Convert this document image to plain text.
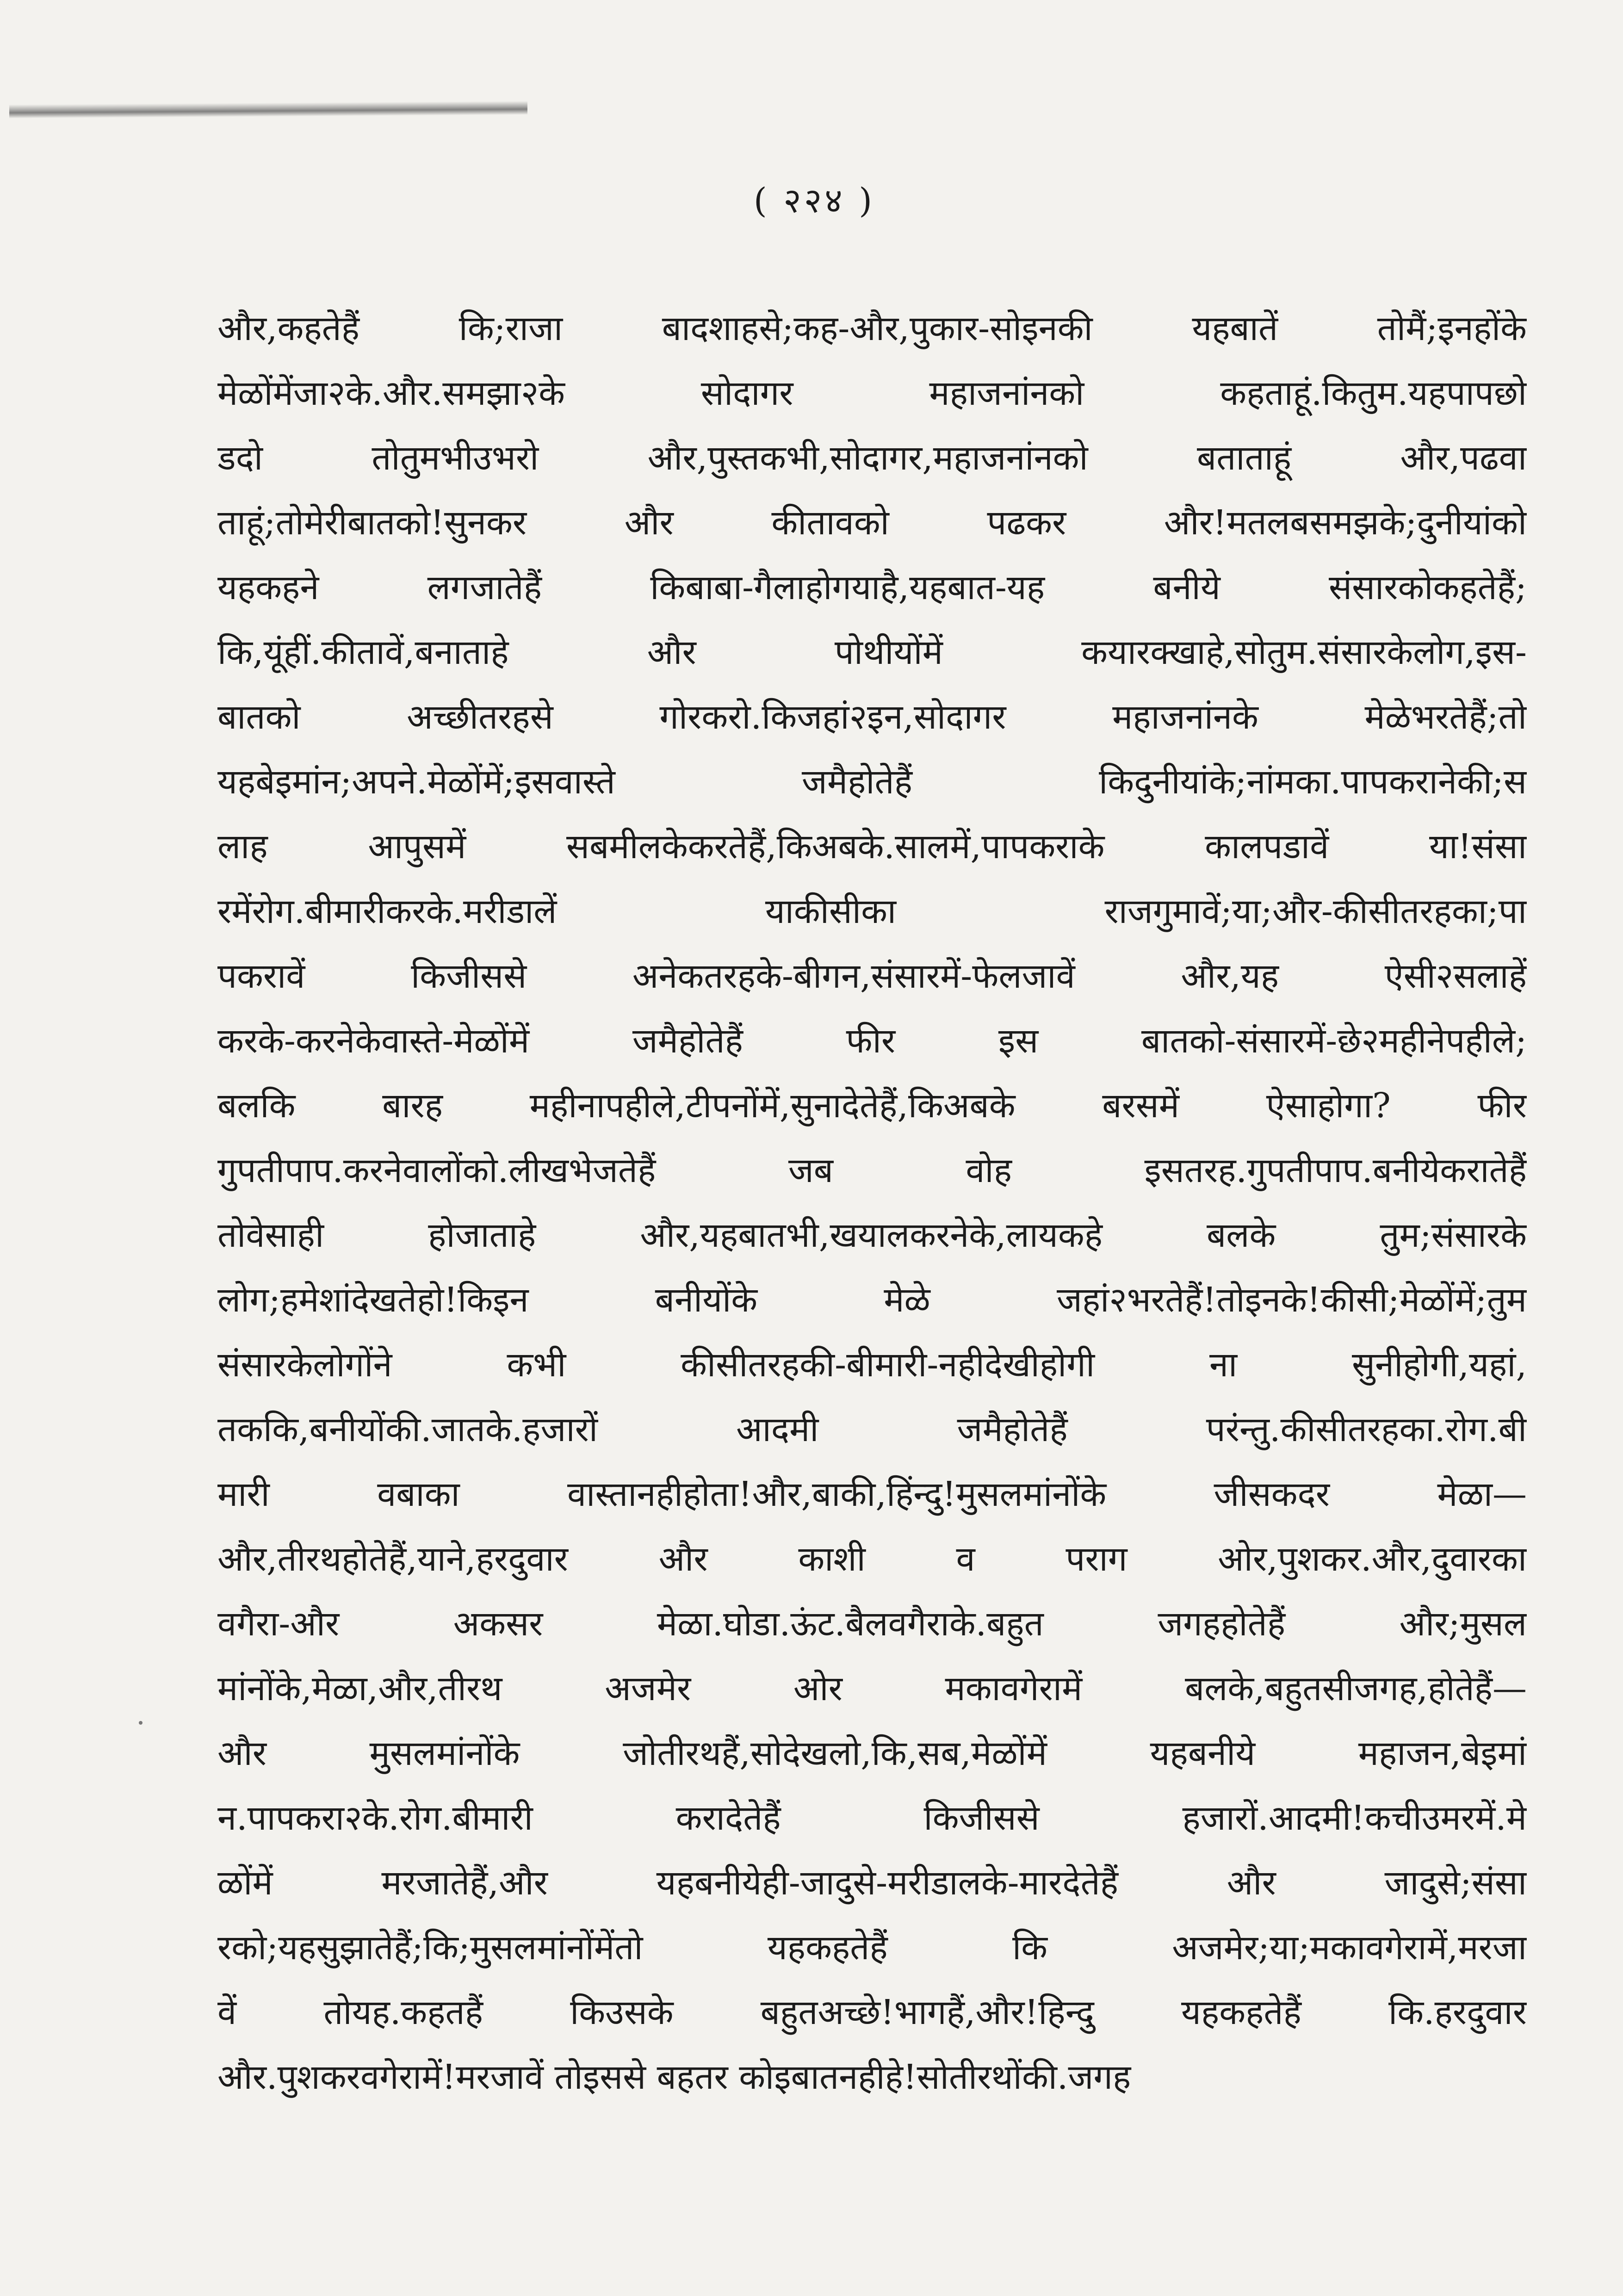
( २२४ )
और,कहतेहैं कि;राजा बादशाहसे;कह-और,पुकार-सोइनकी यहबातें तोमैं;इनहोंके
मेळोंमेंजा२के.और.समझा२के सोदागर महाजनांनको कहताहूं.कितुम.यहपापछो
डदो तोतुमभीउभरो और,पुस्तकभी,सोदागर,महाजनांनको बताताहूं और,पढवा
ताहूं;तोमेरीबातको!सुनकर और कीतावको पढकर और!मतलबसमझके;दुनीयांको
यहकहने लगजातेहैं किबाबा-गैलाहोगयाहै,यहबात-यह बनीये संसारकोकहतेहैं;
कि,यूंहीं.कीतावें,बनाताहे और पोथीयोंमें कयारक्खाहे,सोतुम.संसारकेलोग,इस-
बातको अच्छीतरहसे गोरकरो.किजहां२इन,सोदागर महाजनांनके मेळेभरतेहैं;तो
यहबेइमांन;अपने.मेळोंमें;इसवास्ते जमैहोतेहैं किदुनीयांके;नांमका.पापकरानेकी;स
लाह आपुसमें सबमीलकेकरतेहैं,किअबके.सालमें,पापकराके कालपडावें या!संसा
रमेंरोग.बीमारीकरके.मरीडालें याकीसीका राजगुमावें;या;और-कीसीतरहका;पा
पकरावें किजीससे अनेकतरहके-बीगन,संसारमें-फेलजावें और,यह ऐसी२सलाहें
करके-करनेकेवास्ते-मेळोंमें जमैहोतेहैं फीर इस बातको-संसारमें-छे२महीनेपहीले;
बलकि बारह महीनापहीले,टीपनोंमें,सुनादेतेहैं,किअबके बरसमें ऐसाहोगा? फीर
गुपतीपाप.करनेवालोंको.लीखभेजतेहैं जब वोह इसतरह.गुपतीपाप.बनीयेकरातेहैं
तोवेसाही होजाताहे और,यहबातभी,खयालकरनेके,लायकहे बलके तुम;संसारके
लोग;हमेशांदेखतेहो!किइन बनीयोंके मेळे जहां२भरतेहैं!तोइनके!कीसी;मेळोंमें;तुम
संसारकेलोगोंने कभी कीसीतरहकी-बीमारी-नहीदेखीहोगी ना सुनीहोगी,यहां,
तककि,बनीयोंकी.जातके.हजारों आदमी जमैहोतेहैं परंन्तु.कीसीतरहका.रोग.बी
मारी वबाका वास्तानहीहोता!और,बाकी,हिंन्दु!मुसलमांनोंके जीसकदर मेळा—
और,तीरथहोतेहैं,याने,हरदुवार और काशी व पराग ओर,पुशकर.और,दुवारका
वगैरा-और अकसर मेळा.घोडा.ऊंट.बैलवगैराके.बहुत जगहहोतेहैं और;मुसल
मांनोंके,मेळा,और,तीरथ अजमेर ओर मकावगेरामें बलके,बहुतसीजगह,होतेहैं—
और मुसलमांनोंके जोतीरथहैं,सोदेखलो,कि,सब,मेळोंमें यहबनीये महाजन,बेइमां
न.पापकरा२के.रोग.बीमारी करादेतेहैं किजीससे हजारों.आदमी!कचीउमरमें.मे
ळोंमें मरजातेहैं,और यहबनीयेही-जादुसे-मरीडालके-मारदेतेहैं और जादुसे;संसा
रको;यहसुझातेहैं;कि;मुसलमांनोंमेंतो यहकहतेहैं कि अजमेर;या;मकावगेरामें,मरजा
वें तोयह.कहतहैं किउसके बहुतअच्छे!भागहैं,और!हिन्दु यहकहतेहैं कि.हरदुवार
और.पुशकरवगेरामें!मरजावें तोइससे बहतर कोइबातनहीहे!सोतीरथोंकी.जगह
